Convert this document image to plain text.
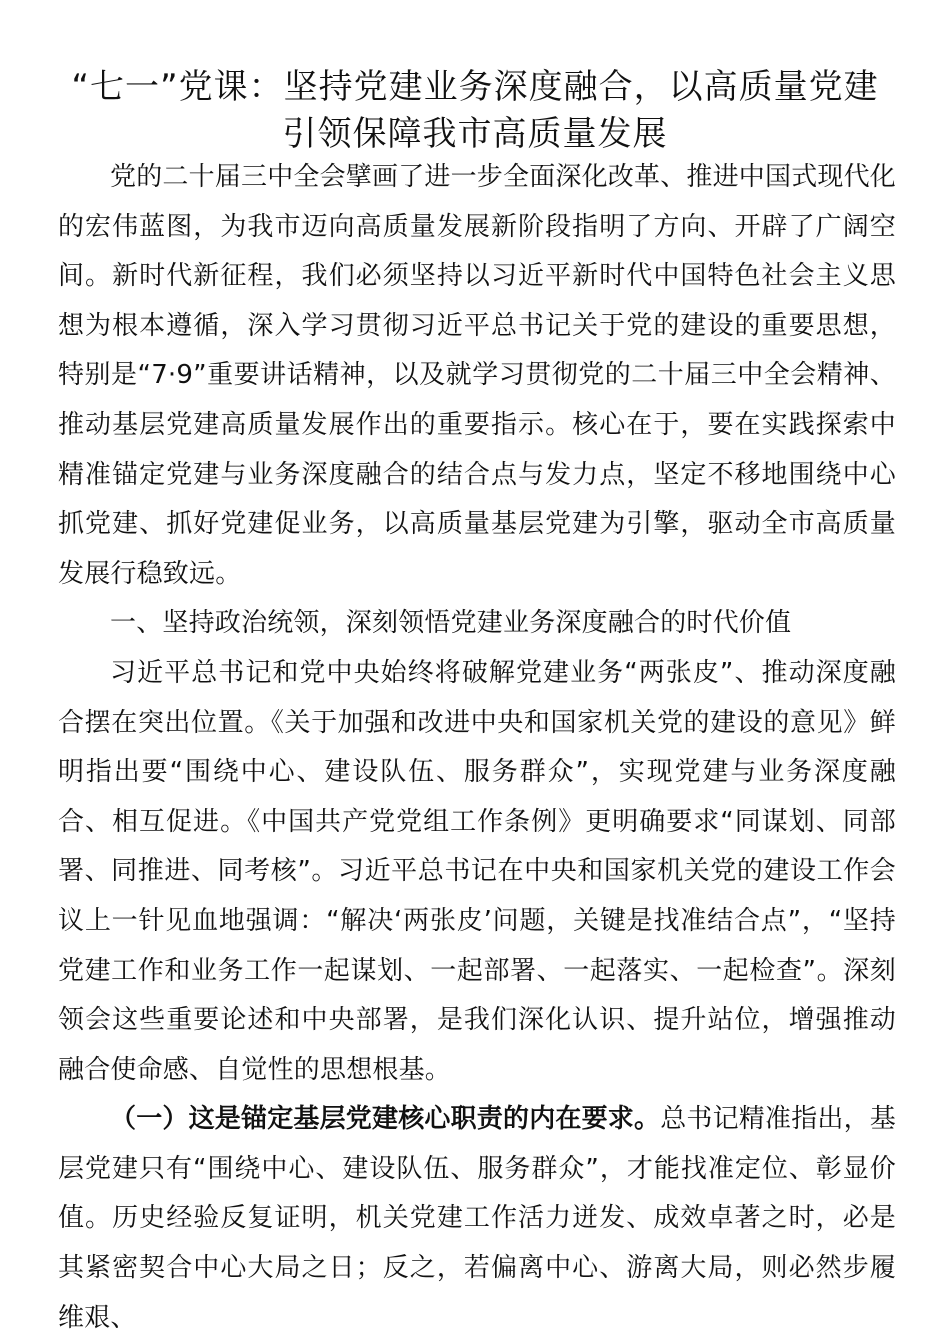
“七一”党课：坚持党建业务深度融合，以高质量党建
引领保障我市高质量发展

党的二十届三中全会擘画了进一步全面深化改革、推进中国式现代化的宏伟蓝图，为我市迈向高质量发展新阶段指明了方向、开辟了广阔空间。新时代新征程，我们必须坚持以习近平新时代中国特色社会主义思想为根本遵循，深入学习贯彻习近平总书记关于党的建设的重要思想，特别是“7·9”重要讲话精神，以及就学习贯彻党的二十届三中全会精神、推动基层党建高质量发展作出的重要指示。核心在于，要在实践探索中精准锚定党建与业务深度融合的结合点与发力点，坚定不移地围绕中心抓党建、抓好党建促业务，以高质量基层党建为引擎，驱动全市高质量发展行稳致远。

一、坚持政治统领，深刻领悟党建业务深度融合的时代价值

习近平总书记和党中央始终将破解党建业务“两张皮”、推动深度融合摆在突出位置。《关于加强和改进中央和国家机关党的建设的意见》鲜明指出要“围绕中心、建设队伍、服务群众”，实现党建与业务深度融合、相互促进。《中国共产党党组工作条例》更明确要求“同谋划、同部署、同推进、同考核”。习近平总书记在中央和国家机关党的建设工作会议上一针见血地强调：“解决‘两张皮’问题，关键是找准结合点”，“坚持党建工作和业务工作一起谋划、一起部署、一起落实、一起检查”。深刻领会这些重要论述和中央部署，是我们深化认识、提升站位，增强推动融合使命感、自觉性的思想根基。

（一）这是锚定基层党建核心职责的内在要求。总书记精准指出，基层党建只有“围绕中心、建设队伍、服务群众”，才能找准定位、彰显价值。历史经验反复证明，机关党建工作活力迸发、成效卓著之时，必是其紧密契合中心大局之日；反之，若偏离中心、游离大局，则必然步履维艰、
